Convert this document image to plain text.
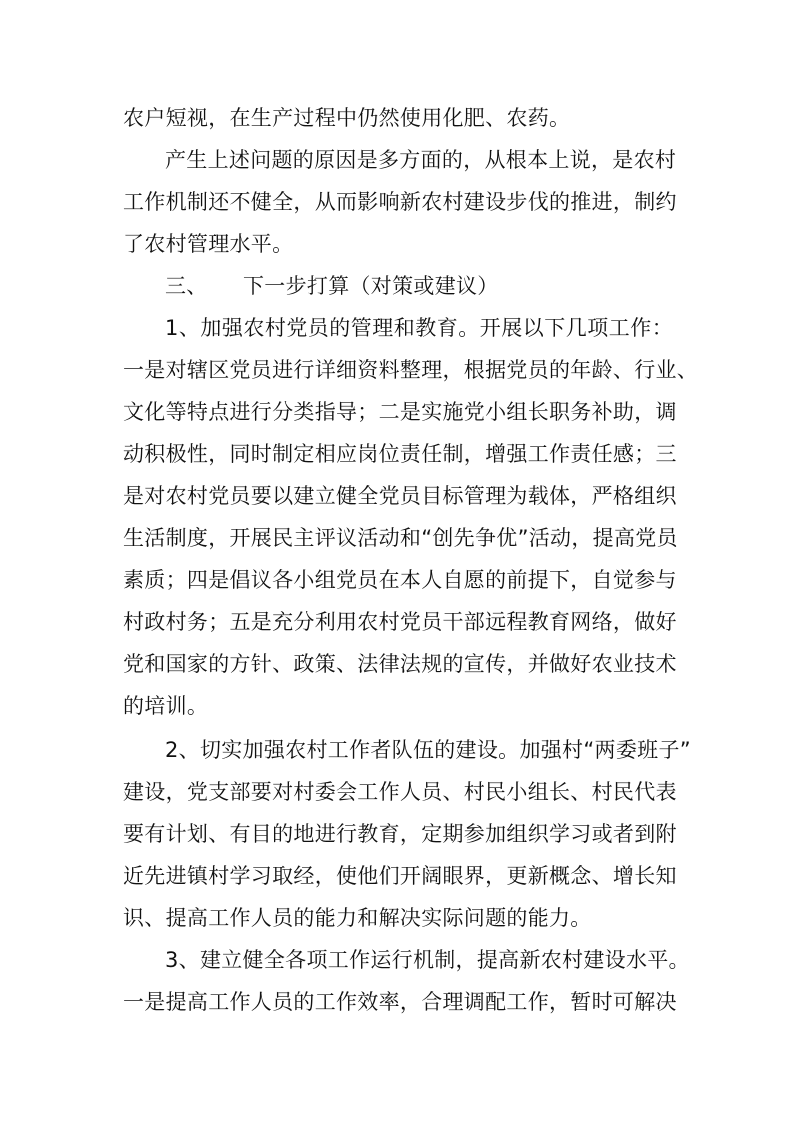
农户短视，在生产过程中仍然使用化肥、农药。
产生上述问题的原因是多方面的，从根本上说，是农村
工作机制还不健全，从而影响新农村建设步伐的推进，制约
了农村管理水平。
三、 下一步打算（对策或建议）
1、加强农村党员的管理和教育。开展以下几项工作：
一是对辖区党员进行详细资料整理，根据党员的年龄、行业、
文化等特点进行分类指导；二是实施党小组长职务补助，调
动积极性，同时制定相应岗位责任制，增强工作责任感；三
是对农村党员要以建立健全党员目标管理为载体，严格组织
生活制度，开展民主评议活动和“创先争优”活动，提高党员
素质；四是倡议各小组党员在本人自愿的前提下，自觉参与
村政村务；五是充分利用农村党员干部远程教育网络，做好
党和国家的方针、政策、法律法规的宣传，并做好农业技术
的培训。
2、切实加强农村工作者队伍的建设。加强村“两委班子”
建设，党支部要对村委会工作人员、村民小组长、村民代表
要有计划、有目的地进行教育，定期参加组织学习或者到附
近先进镇村学习取经，使他们开阔眼界，更新概念、增长知
识、提高工作人员的能力和解决实际问题的能力。
3、建立健全各项工作运行机制，提高新农村建设水平。
一是提高工作人员的工作效率，合理调配工作，暂时可解决
